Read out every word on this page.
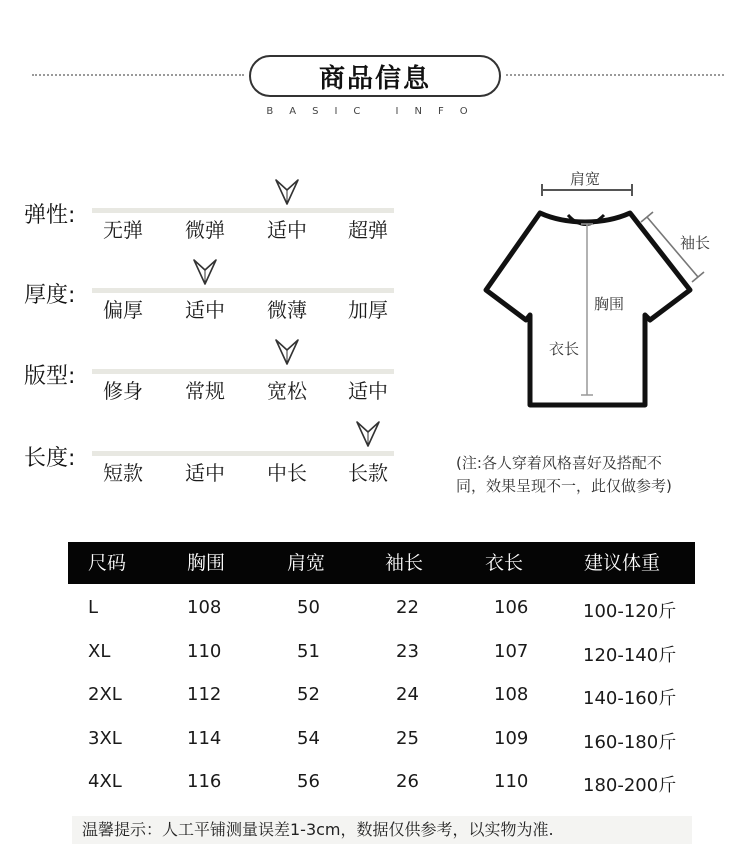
商品信息
BASIC INFO
弹性:
无弹	微弹	适中	超弹
厚度:
偏厚	适中	微薄	加厚
版型:
修身	常规	宽松	适中
长度:
短款	适中	中长	长款
肩宽
袖长
胸围
衣长
(注:各人穿着风格喜好及搭配不
同，效果呈现不一，此仅做参考)
尺码	胸围	肩宽	袖长	衣长	建议体重
L	108	50	22	106	100-120斤
XL	110	51	23	107	120-140斤
2XL	112	52	24	108	140-160斤
3XL	114	54	25	109	160-180斤
4XL	116	56	26	110	180-200斤
温馨提示：人工平铺测量误差1-3cm，数据仅供参考，以实物为准.
